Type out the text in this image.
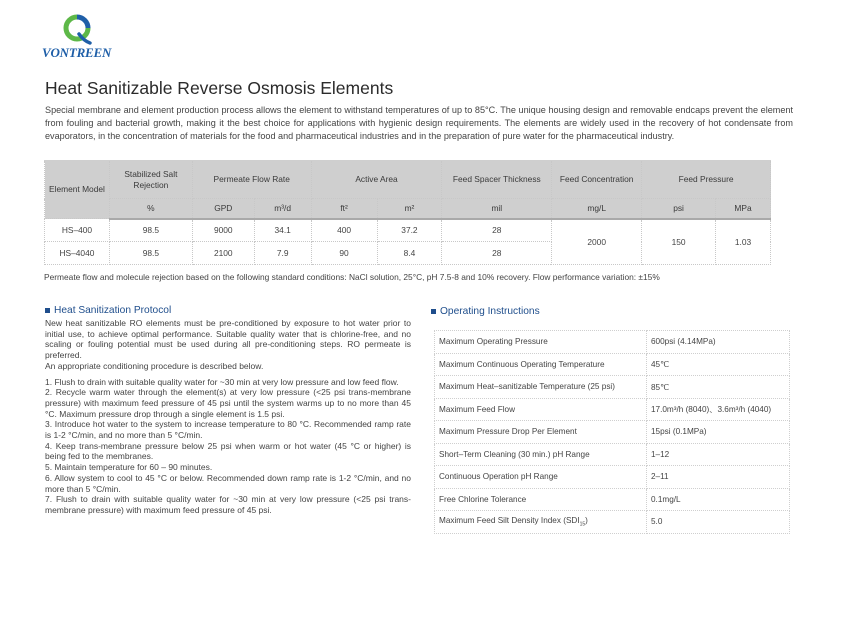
VONTREEN
Heat Sanitizable Reverse Osmosis Elements

Special membrane and element production process allows the element to withstand temperatures of up to 85°C. The unique housing design and removable endcaps prevent the element from fouling and bacterial growth, making it the best choice for applications with hygienic design requirements. The elements are widely used in the recovery of hot condensate from evaporators, in the concentration of materials for the food and pharmaceutical industries and in the preparation of pure water for the pharmaceutical industry.

Element Model	Stabilized Salt Rejection	Permeate Flow Rate		Active Area		Feed Spacer Thickness	Feed Concentration	Feed Pressure	
	%	GPD	m³/d	ft²	m²	mil	mg/L	psi	MPa
HS–400	98.5	9000	34.1	400	37.2	28	2000	150	1.03
HS–4040	98.5	2100	7.9	90	8.4	28			
Permeate flow and molecule rejection based on the following standard conditions: NaCl solution, 25°C, pH 7.5-8 and 10% recovery. Flow performance variation: ±15%
Heat Sanitization Protocol

New heat sanitizable RO elements must be pre-conditioned by exposure to hot water prior to initial use, to achieve optimal performance. Suitable quality water that is chlorine-free, and no scaling or fouling potential must be used during all pre-conditioning steps. RO permeate is preferred.

An appropriate conditioning procedure is described below.

1. Flush to drain with suitable quality water for ~30 min at very low pressure and low feed flow.

2. Recycle warm water through the element(s) at very low pressure (<25 psi trans-membrane pressure) with maximum feed pressure of 45 psi until the system warms up to no more than 45 °C. Maximum pressure drop through a single element is 1.5 psi.

3. Introduce hot water to the system to increase temperature to 80 °C. Recommended ramp rate is 1-2 °C/min, and no more than 5 °C/min.

4. Keep trans-membrane pressure below 25 psi when warm or hot water (45 °C or higher) is being fed to the membranes.

5. Maintain temperature for 60 – 90 minutes.

6. Allow system to cool to 45 °C or below. Recommended down ramp rate is 1-2 °C/min, and no more than 5 °C/min.

7. Flush to drain with suitable quality water for ~30 min at very low pressure (<25 psi trans-membrane pressure) with maximum feed pressure of 45 psi.

Operating Instructions
Maximum Operating Pressure	600psi (4.14MPa)
Maximum Continuous Operating Temperature	45℃
Maximum Heat–sanitizable Temperature (25 psi)	85℃
Maximum Feed Flow	17.0m³/h (8040)、3.6m³/h (4040)
Maximum Pressure Drop Per Element	15psi (0.1MPa)
Short–Term Cleaning (30 min.) pH Range	1–12
Continuous Operation pH Range	2–11
Free Chlorine Tolerance	0.1mg/L
Maximum Feed Silt Density Index $(SDI_{15})$	5.0
